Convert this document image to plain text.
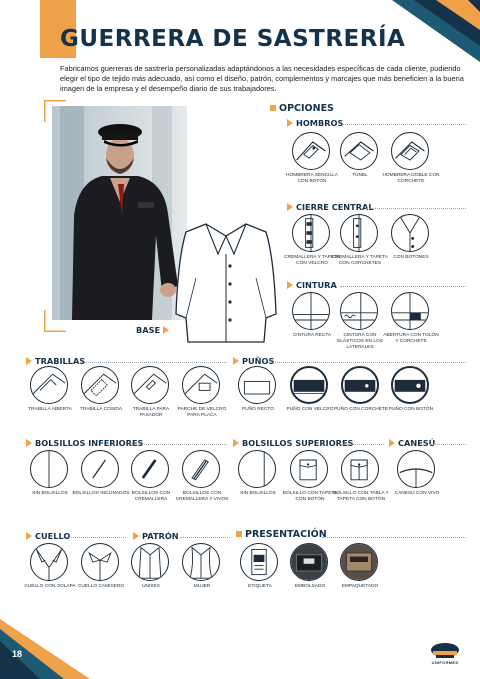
18
UNIFORMES
GUERRERA DE SASTRERÍA
Fabricamos guerreras de sastrería personalizadas adaptándonos a las necesidades específicas de cada cliente, pudiendo elegir el tipo de tejido más adecuado, así como el diseño, patrón, complementos y marcajes que más beneficien a la buena imagen de la empresa y el desempeño diario de sus trabajadores.
BASE
OPCIONES
HOMBROS
HOMBRERA SENCILLA CON BOTÓN
TÚNEL	HOMBRERA DOBLE CON CORCHETE
CIERRE CENTRAL
CREMALLERA Y TAPETA CON VELCRO
CREMALLERA Y TAPETA CON CORCHETES
CON BOTONES
CINTURA
CINTURA RECTA	CINTURA CON ELÁSTICOS EN LOS LATERALES
ABERTURA CON TOLÓN Y CORCHETE
TRABILLAS
TRABILLA ABIERTA	TRABILLA COSIDA	TRABILLA PARA PASADOR
PARCHE DE VELCRO PARA PLACA
PUÑOS
PUÑO RECTO	PUÑO CON VELCRO PUÑO CON CORCHETE PUÑO CON BOTÓN
BOLSILLOS INFERIORES
SIN BOLSILLOS BOLSILLOS INCLINADOS BOLSILLOS CON CREMALLERA
BOLSILLOS CON CREMALLERA Y VIVOS
BOLSILLOS SUPERIORES
SIN BOLSILLOS	BOLSILLO CON TAPETA CON BOTÓN
BOLSILLO CON TABLA Y TAPETA CON BOTÓN
CANESÚ
CANESÚ CON VIVO
CUELLO
CUELLO CON SOLAPA CUELLO CAMISERO
PATRÓN
UNISEX	MUJER
PRESENTACIÓN
ETIQUETA	EMBOLSADO	EMPAQUETADO
